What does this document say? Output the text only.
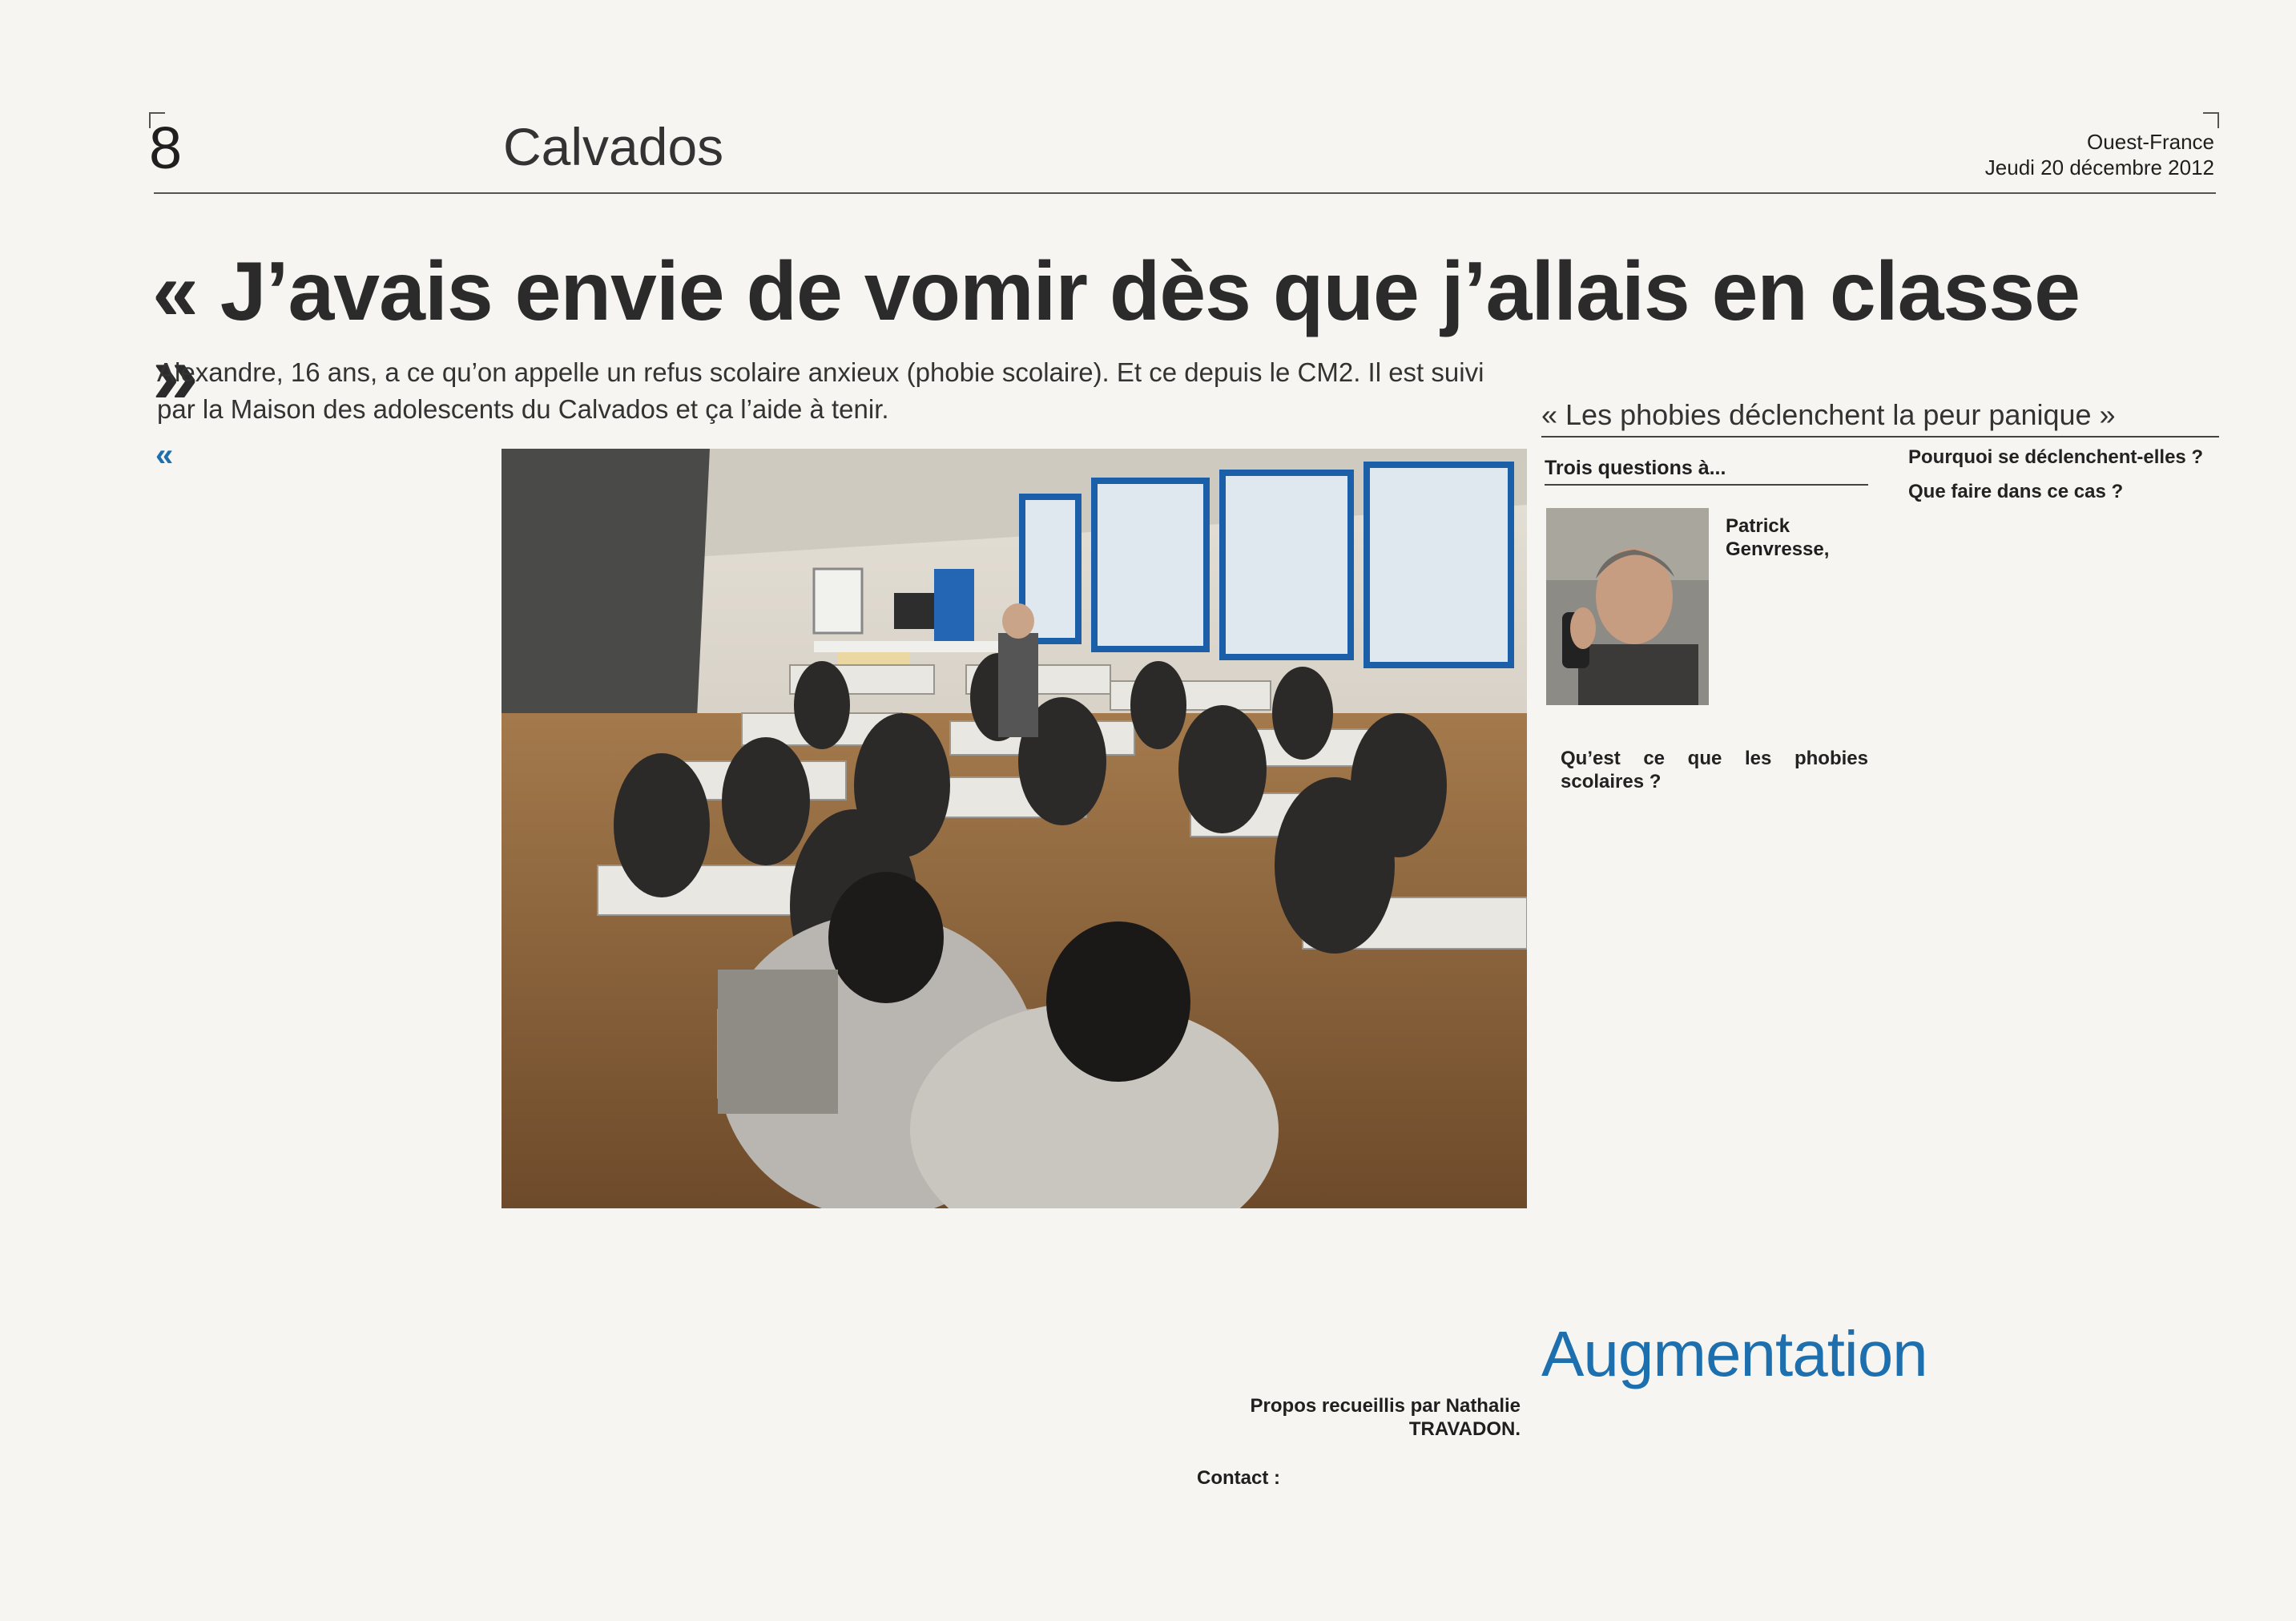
8	Calvados	Ouest-France
Jeudi 20 décembre 2012
« J’avais envie de vomir dès que j’allais en classe »
Alexandre, 16 ans, a ce qu’on appelle un refus scolaire anxieux (phobie scolaire). Et ce depuis le CM2. Il est suivi par la Maison des adolescents du Calvados et ça l’aide à tenir.
«
Propos recueillis par Nathalie TRAVADON.
Contact :
« Les phobies déclenchent la peur panique »
Trois questions à...
Patrick Genvresse,
Qu’est ce que les phobies scolaires ?
Pourquoi se déclenchent-elles ?
Que faire dans ce cas ?
Augmentation
